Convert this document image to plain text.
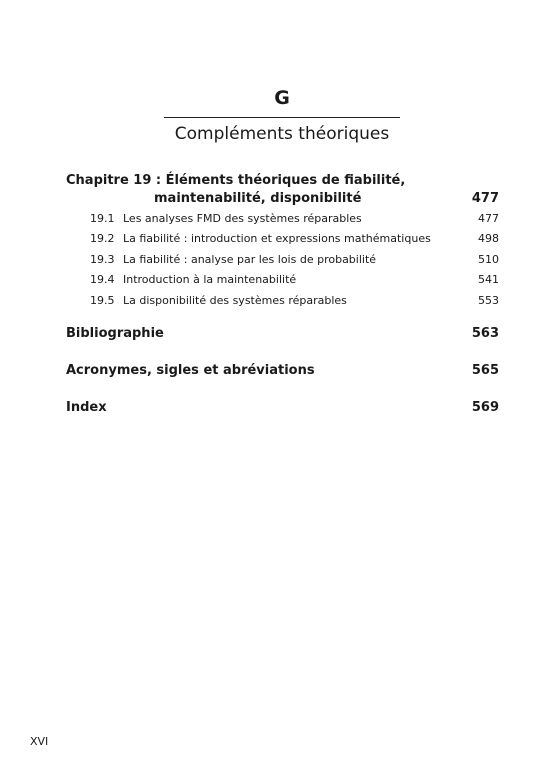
G
Compléments théoriques
Chapitre 19 : Éléments théoriques de fiabilité,
maintenabilité, disponibilité	477
19.1 Les analyses FMD des systèmes réparables	477
19.2 La fiabilité : introduction et expressions mathématiques	498
19.3 La fiabilité : analyse par les lois de probabilité	510
19.4 Introduction à la maintenabilité	541
19.5 La disponibilité des systèmes réparables	553
Bibliographie	563
Acronymes, sigles et abréviations	565
Index	569
XVI
